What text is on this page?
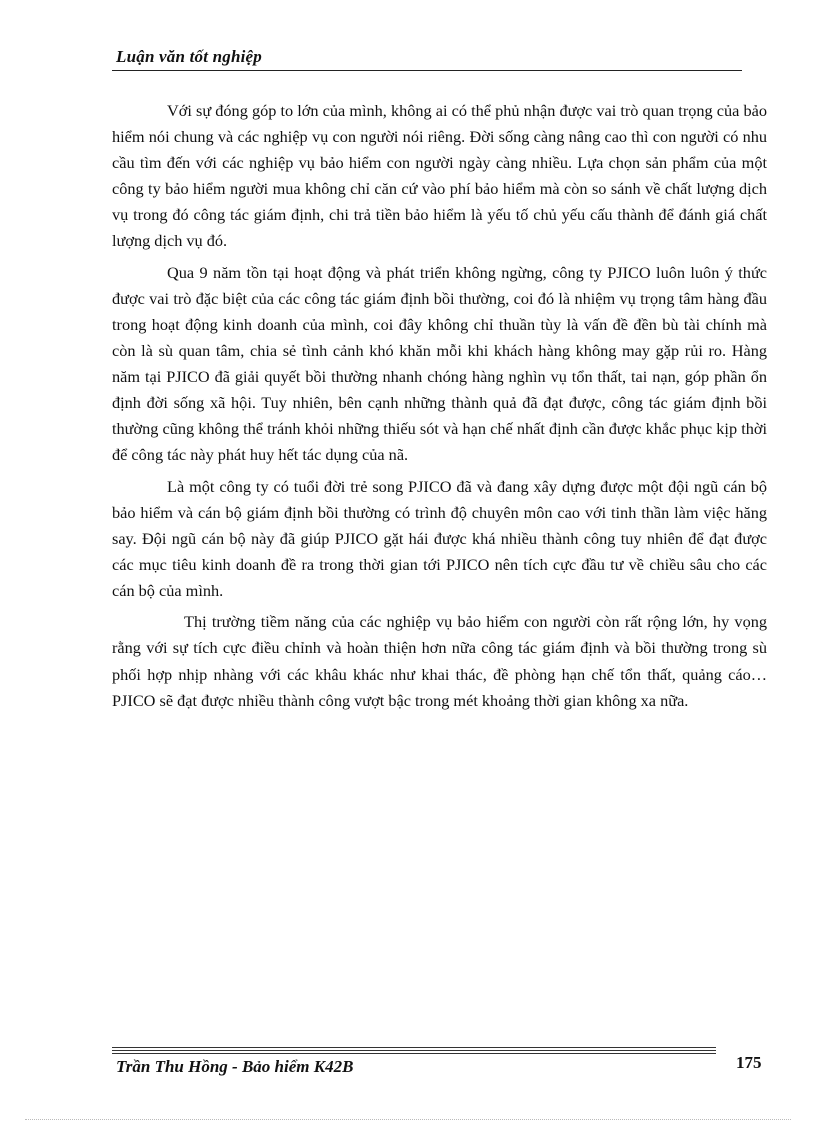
Luận văn tốt nghiệp

Với sự đóng góp to lớn của mình, không ai có thể phủ nhận được vai trò quan trọng của bảo hiểm nói chung và các nghiệp vụ con người nói riêng. Đời sống càng nâng cao thì con người có nhu cầu tìm đến với các nghiệp vụ bảo hiểm con người ngày càng nhiều. Lựa chọn sản phẩm của một công ty bảo hiểm người mua không chỉ căn cứ vào phí bảo hiểm mà còn so sánh về chất lượng dịch vụ trong đó công tác giám định, chi trả tiền bảo hiểm là yếu tố chủ yếu cấu thành để đánh giá chất lượng dịch vụ đó.

Qua 9 năm tồn tại hoạt động và phát triển không ngừng, công ty PJICO luôn luôn ý thức được vai trò đặc biệt của các công tác giám định bồi thường, coi đó là nhiệm vụ trọng tâm hàng đầu trong hoạt động kinh doanh của mình, coi đây không chỉ thuần tùy là vấn đề đền bù tài chính mà còn là sù quan tâm, chia sẻ tình cảnh khó khăn mỗi khi khách hàng không may gặp rủi ro. Hàng năm tại PJICO đã giải quyết bồi thường nhanh chóng hàng nghìn vụ tổn thất, tai nạn, góp phần ổn định đời sống xã hội. Tuy nhiên, bên cạnh những thành quả đã đạt được, công tác giám định bồi thường cũng không thể tránh khỏi những thiếu sót và hạn chế nhất định cần được khắc phục kịp thời để công tác này phát huy hết tác dụng của nã.

Là một công ty có tuổi đời trẻ song PJICO đã và đang xây dựng được một đội ngũ cán bộ bảo hiểm và cán bộ giám định bồi thường có trình độ chuyên môn cao với tinh thần làm việc hăng say. Đội ngũ cán bộ này đã giúp PJICO gặt hái được khá nhiều thành công tuy nhiên để đạt được các mục tiêu kinh doanh đề ra trong thời gian tới PJICO nên tích cực đầu tư về chiều sâu cho các cán bộ của mình.

Thị trường tiềm năng của các nghiệp vụ bảo hiểm con người còn rất rộng lớn, hy vọng rằng với sự tích cực điều chỉnh và hoàn thiện hơn nữa công tác giám định và bồi thường trong sù phối hợp nhịp nhàng với các khâu khác như khai thác, đề phòng hạn chế tổn thất, quảng cáo…PJICO sẽ đạt được nhiều thành công vượt bậc trong mét khoảng thời gian không xa nữa.

Trần Thu Hồng - Bảo hiểm K42B	175
